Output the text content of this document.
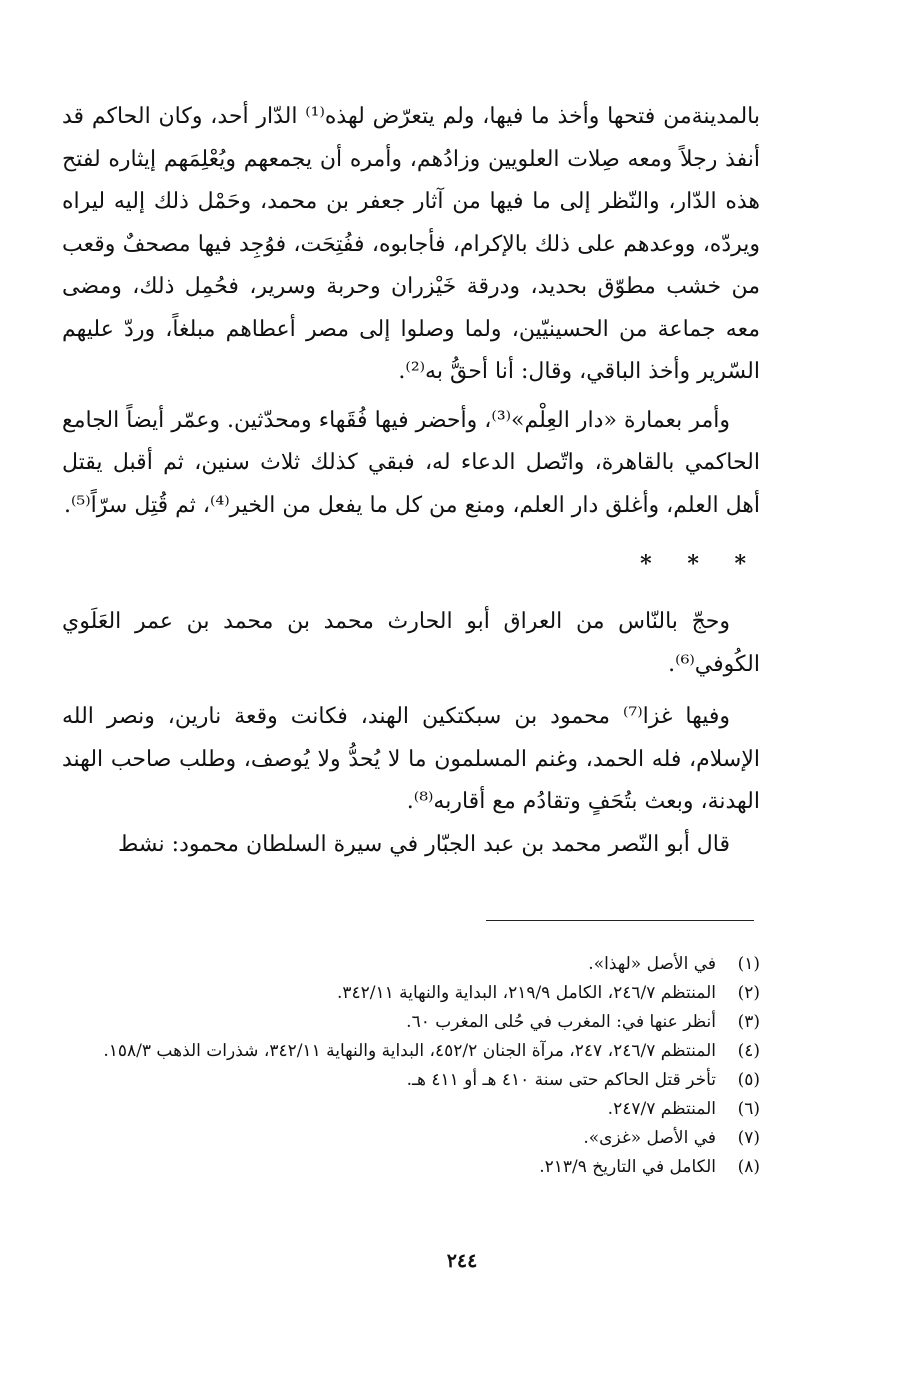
بالمدينةمن فتحها وأخذ ما فيها، ولم يتعرّض لهذه⁽¹⁾ الدّار أحد، وكان الحاكم قد أنفذ رجلاً ومعه صِلات العلويين وزادُهم، وأمره أن يجمعهم ويُعْلِمَهم إيثاره لفتح هذه الدّار، والنّظر إلى ما فيها من آثار جعفر بن محمد، وحَمْل ذلك إليه ليراه ويردّه، ووعدهم على ذلك بالإكرام، فأجابوه، ففُتِحَت، فوُجِد فيها مصحفٌ وقعب من خشب مطوّق بحديد، ودرقة خَيْزران وحربة وسرير، فحُمِل ذلك، ومضى معه جماعة من الحسينيّين، ولما وصلوا إلى مصر أعطاهم مبلغاً، وردّ عليهم السّرير وأخذ الباقي، وقال: أنا أحقُّ به⁽²⁾.

وأمر بعمارة «دار العِلْم»⁽³⁾، وأحضر فيها فُقَهاء ومحدّثين. وعمّر أيضاً الجامع الحاكمي بالقاهرة، واتّصل الدعاء له، فبقي كذلك ثلاث سنين، ثم أقبل يقتل أهل العلم، وأغلق دار العلم، ومنع من كل ما يفعل من الخير⁽⁴⁾، ثم قُتِل سرّاً⁽⁵⁾.

* * *

وحجّ بالنّاس من العراق أبو الحارث محمد بن محمد بن عمر العَلَوي الكُوفي⁽⁶⁾.

وفيها غزا⁽⁷⁾ محمود بن سبكتكين الهند، فكانت وقعة نارين، ونصر الله الإسلام، فله الحمد، وغنم المسلمون ما لا يُحدُّ ولا يُوصف، وطلب صاحب الهند الهدنة، وبعث بتُحَفٍ وتقادُم مع أقاربه⁽⁸⁾.

قال أبو النّصر محمد بن عبد الجبّار في سيرة السلطان محمود: نشط

(١)
في الأصل «لهذا».
(٢)
المنتظم ٢٤٦/٧، الكامل ٢١٩/٩، البداية والنهاية ٣٤٢/١١.
(٣)
أنظر عنها في: المغرب في حُلى المغرب ٦٠.
(٤)
المنتظم ٢٤٦/٧، ٢٤٧، مرآة الجنان ٤٥٢/٢، البداية والنهاية ٣٤٢/١١، شذرات الذهب ١٥٨/٣.
(٥)
تأخر قتل الحاكم حتى سنة ٤١٠ هـ أو ٤١١ هـ.
(٦)
المنتظم ٢٤٧/٧.
(٧)
في الأصل «غزى».
(٨)
الكامل في التاريخ ٢١٣/٩.
٢٤٤
